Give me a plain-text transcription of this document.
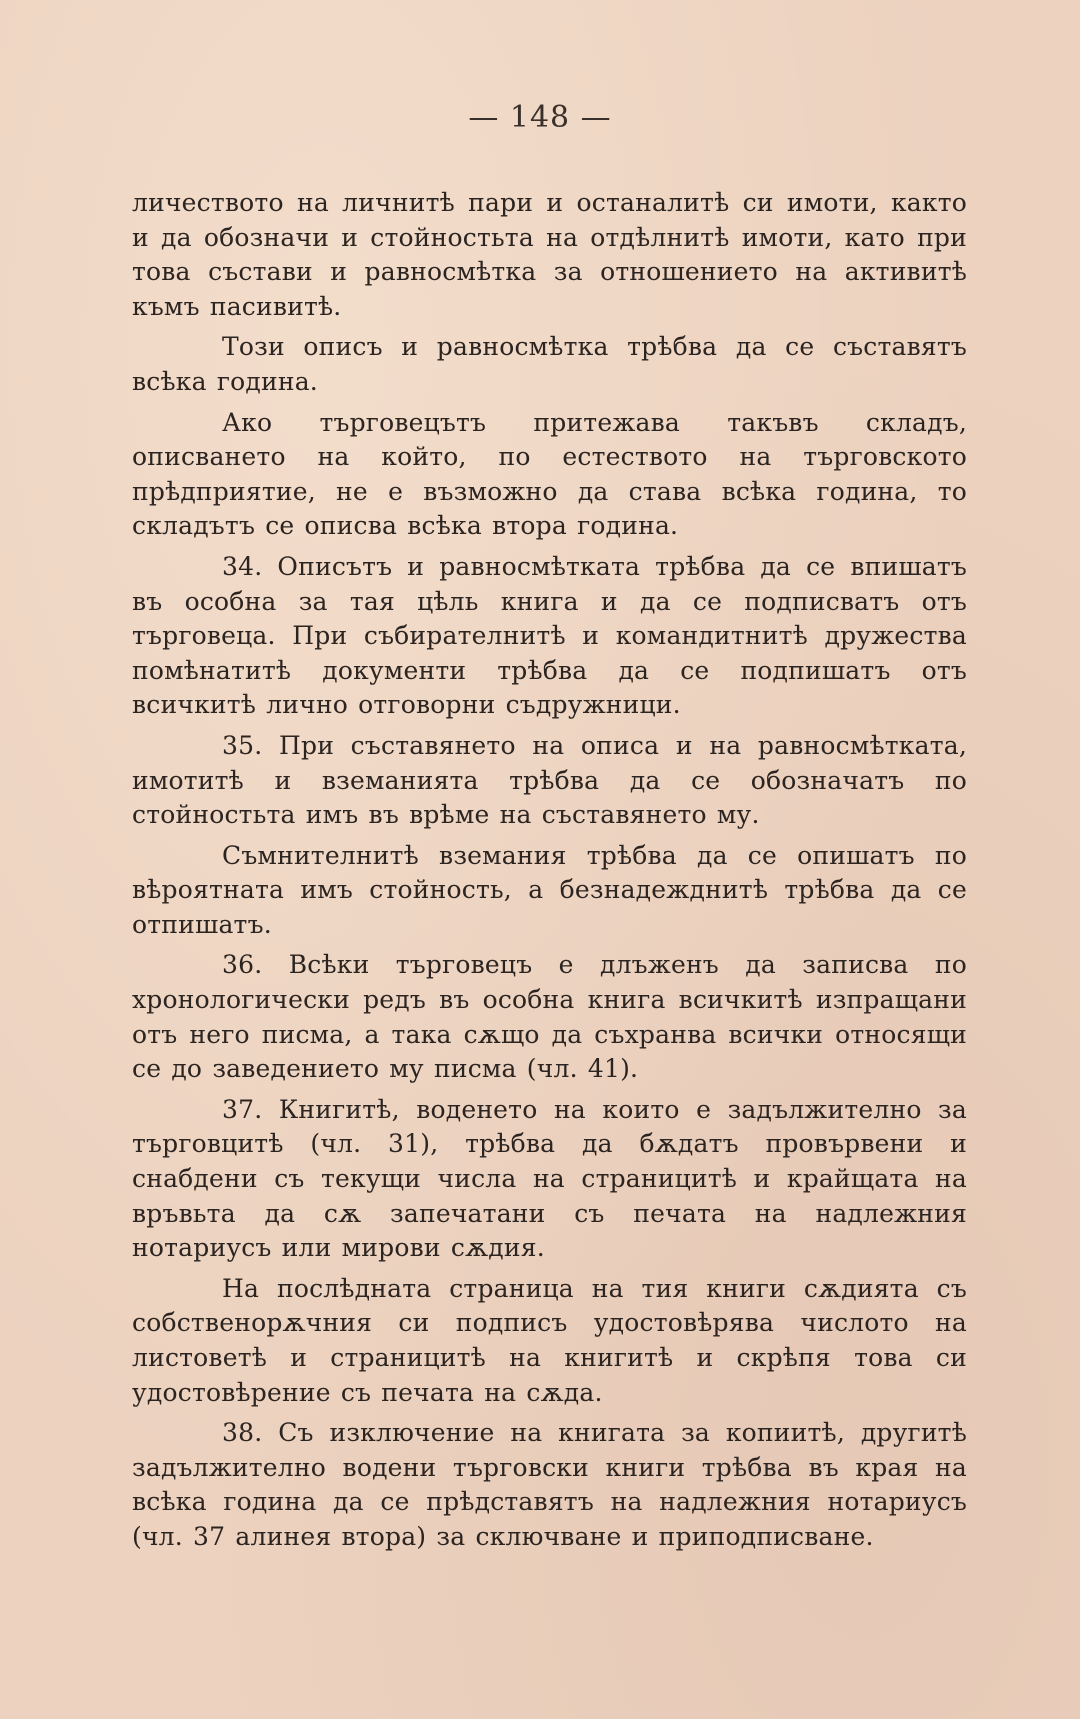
— 148 —

личеството на личнитѣ пари и останалитѣ си имоти, както и да обозначи и стойностьта на отдѣлнитѣ имоти, като при това състави и равносмѣтка за отношението на активитѣ къмъ пасивитѣ.

Този описъ и равносмѣтка трѣбва да се съставятъ всѣка година.

Ако търговецътъ притежава такъвъ складъ, описването на който, по естеството на търговското прѣдприятие, не е възможно да става всѣка година, то складътъ се описва всѣка втора година.

34. Описътъ и равносмѣтката трѣбва да се впишатъ въ особна за тая цѣль книга и да се подписватъ отъ търговеца. При събирателнитѣ и командитнитѣ дружества помѣнатитѣ документи трѣбва да се подпишатъ отъ всичкитѣ лично отговорни съдружници.

35. При съставянето на описа и на равносмѣтката, имотитѣ и вземанията трѣбва да се обозначатъ по стойностьта имъ въ врѣме на съставянето му.

Съмнителнитѣ вземания трѣбва да се опишатъ по вѣроятната имъ стойность, а безнадежднитѣ трѣбва да се отпишатъ.

36. Всѣки търговецъ е длъженъ да записва по хронологически редъ въ особна книга всичкитѣ изпращани отъ него писма, а така сѫщо да съхранва всички относящи се до заведението му писма (чл. 41).

37. Книгитѣ, воденето на които е задължително за търговцитѣ (чл. 31), трѣбва да бѫдатъ провървени и снабдени съ текущи числа на страницитѣ и крайщата на връвьта да сѫ запечатани съ печата на надлежния нотариусъ или мирови сѫдия.

На послѣдната страница на тия книги сѫдията съ собственорѫчния си подписъ удостовѣрява числото на листоветѣ и страницитѣ на книгитѣ и скрѣпя това си удостовѣрение съ печата на сѫда.

38. Съ изключение на книгата за копиитѣ, другитѣ задължително водени търговски книги трѣбва въ края на всѣка година да се прѣдставятъ на надлежния нотариусъ (чл. 37 алинея втора) за сключване и приподписване.
